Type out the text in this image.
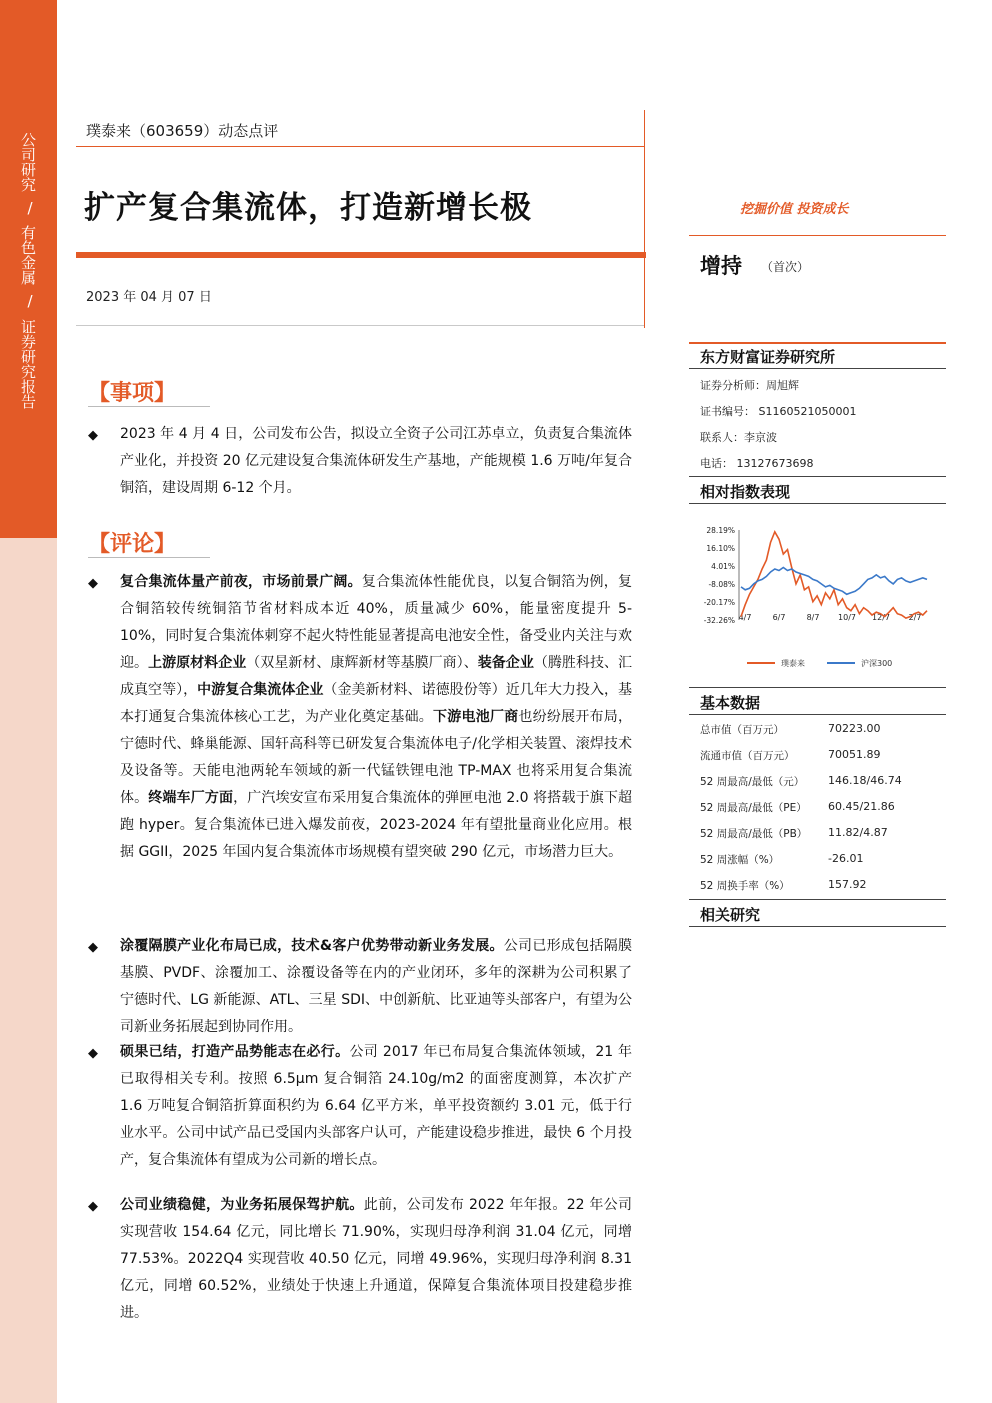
公司研究
/
有色金属
/
证券研究报告
璞泰来（603659）动态点评
扩产复合集流体，打造新增长极
2023 年 04 月 07 日
挖掘价值 投资成长
增持 （首次）
东方财富证券研究所
证券分析师：周旭辉
证书编号： S1160521050001
联系人：李京波
电话： 13127673698
相对指数表现
28.19%
16.10%
4.01%
-8.08%
-20.17%
-32.26% 4/7	6/7	8/7 10/7 12/7 2/7
璞泰来	沪深300
基本数据
总市值（百万元）	70223.00
流通市值（百万元）	70051.89
52 周最高/最低（元） 146.18/46.74
52 周最高/最低（PE） 60.45/21.86
52 周最高/最低（PB） 11.82/4.87
52 周涨幅（%）	-26.01
52 周换手率（%）	157.92
相关研究
【事项】
◆ 2023 年 4 月 4 日，公司发布公告，拟设立全资子公司江苏卓立，负责复合集流体产业化，并投资 20 亿元建设复合集流体研发生产基地，产能规模 1.6 万吨/年复合铜箔，建设周期 6-12 个月。
【评论】
◆ 复合集流体量产前夜，市场前景广阔。复合集流体性能优良，以复合铜箔为例，复合铜箔较传统铜箔节省材料成本近 40%，质量减少 60%，能量密度提升 5-10%，同时复合集流体刺穿不起火特性能显著提高电池安全性，备受业内关注与欢迎。上游原材料企业（双星新材、康辉新材等基膜厂商）、装备企业（腾胜科技、汇成真空等），中游复合集流体企业（金美新材料、诺德股份等）近几年大力投入，基本打通复合集流体核心工艺，为产业化奠定基础。下游电池厂商也纷纷展开布局，宁德时代、蜂巢能源、国轩高科等已研发复合集流体电子/化学相关装置、滚焊技术及设备等。天能电池两轮车领域的新一代锰铁锂电池 TP-MAX 也将采用复合集流体。终端车厂方面，广汽埃安宣布采用复合集流体的弹匣电池 2.0 将搭载于旗下超跑 hyper。复合集流体已进入爆发前夜，2023-2024 年有望批量商业化应用。根据 GGII，2025 年国内复合集流体市场规模有望突破 290 亿元，市场潜力巨大。
◆ 涂覆隔膜产业化布局已成，技术&客户优势带动新业务发展。公司已形成包括隔膜基膜、PVDF、涂覆加工、涂覆设备等在内的产业闭环，多年的深耕为公司积累了宁德时代、LG 新能源、ATL、三星 SDI、中创新航、比亚迪等头部客户，有望为公司新业务拓展起到协同作用。
◆ 硕果已结，打造产品势能志在必行。公司 2017 年已布局复合集流体领域，21 年已取得相关专利。按照 6.5μm 复合铜箔 24.10g/m2 的面密度测算，本次扩产 1.6 万吨复合铜箔折算面积约为 6.64 亿平方米，单平投资额约 3.01 元，低于行业水平。公司中试产品已受国内头部客户认可，产能建设稳步推进，最快 6 个月投产，复合集流体有望成为公司新的增长点。
◆ 公司业绩稳健，为业务拓展保驾护航。此前，公司发布 2022 年年报。22 年公司实现营收 154.64 亿元，同比增长 71.90%，实现归母净利润 31.04 亿元，同增 77.53%。2022Q4 实现营收 40.50 亿元，同增 49.96%，实现归母净利润 8.31 亿元，同增 60.52%，业绩处于快速上升通道，保障复合集流体项目投建稳步推进。
